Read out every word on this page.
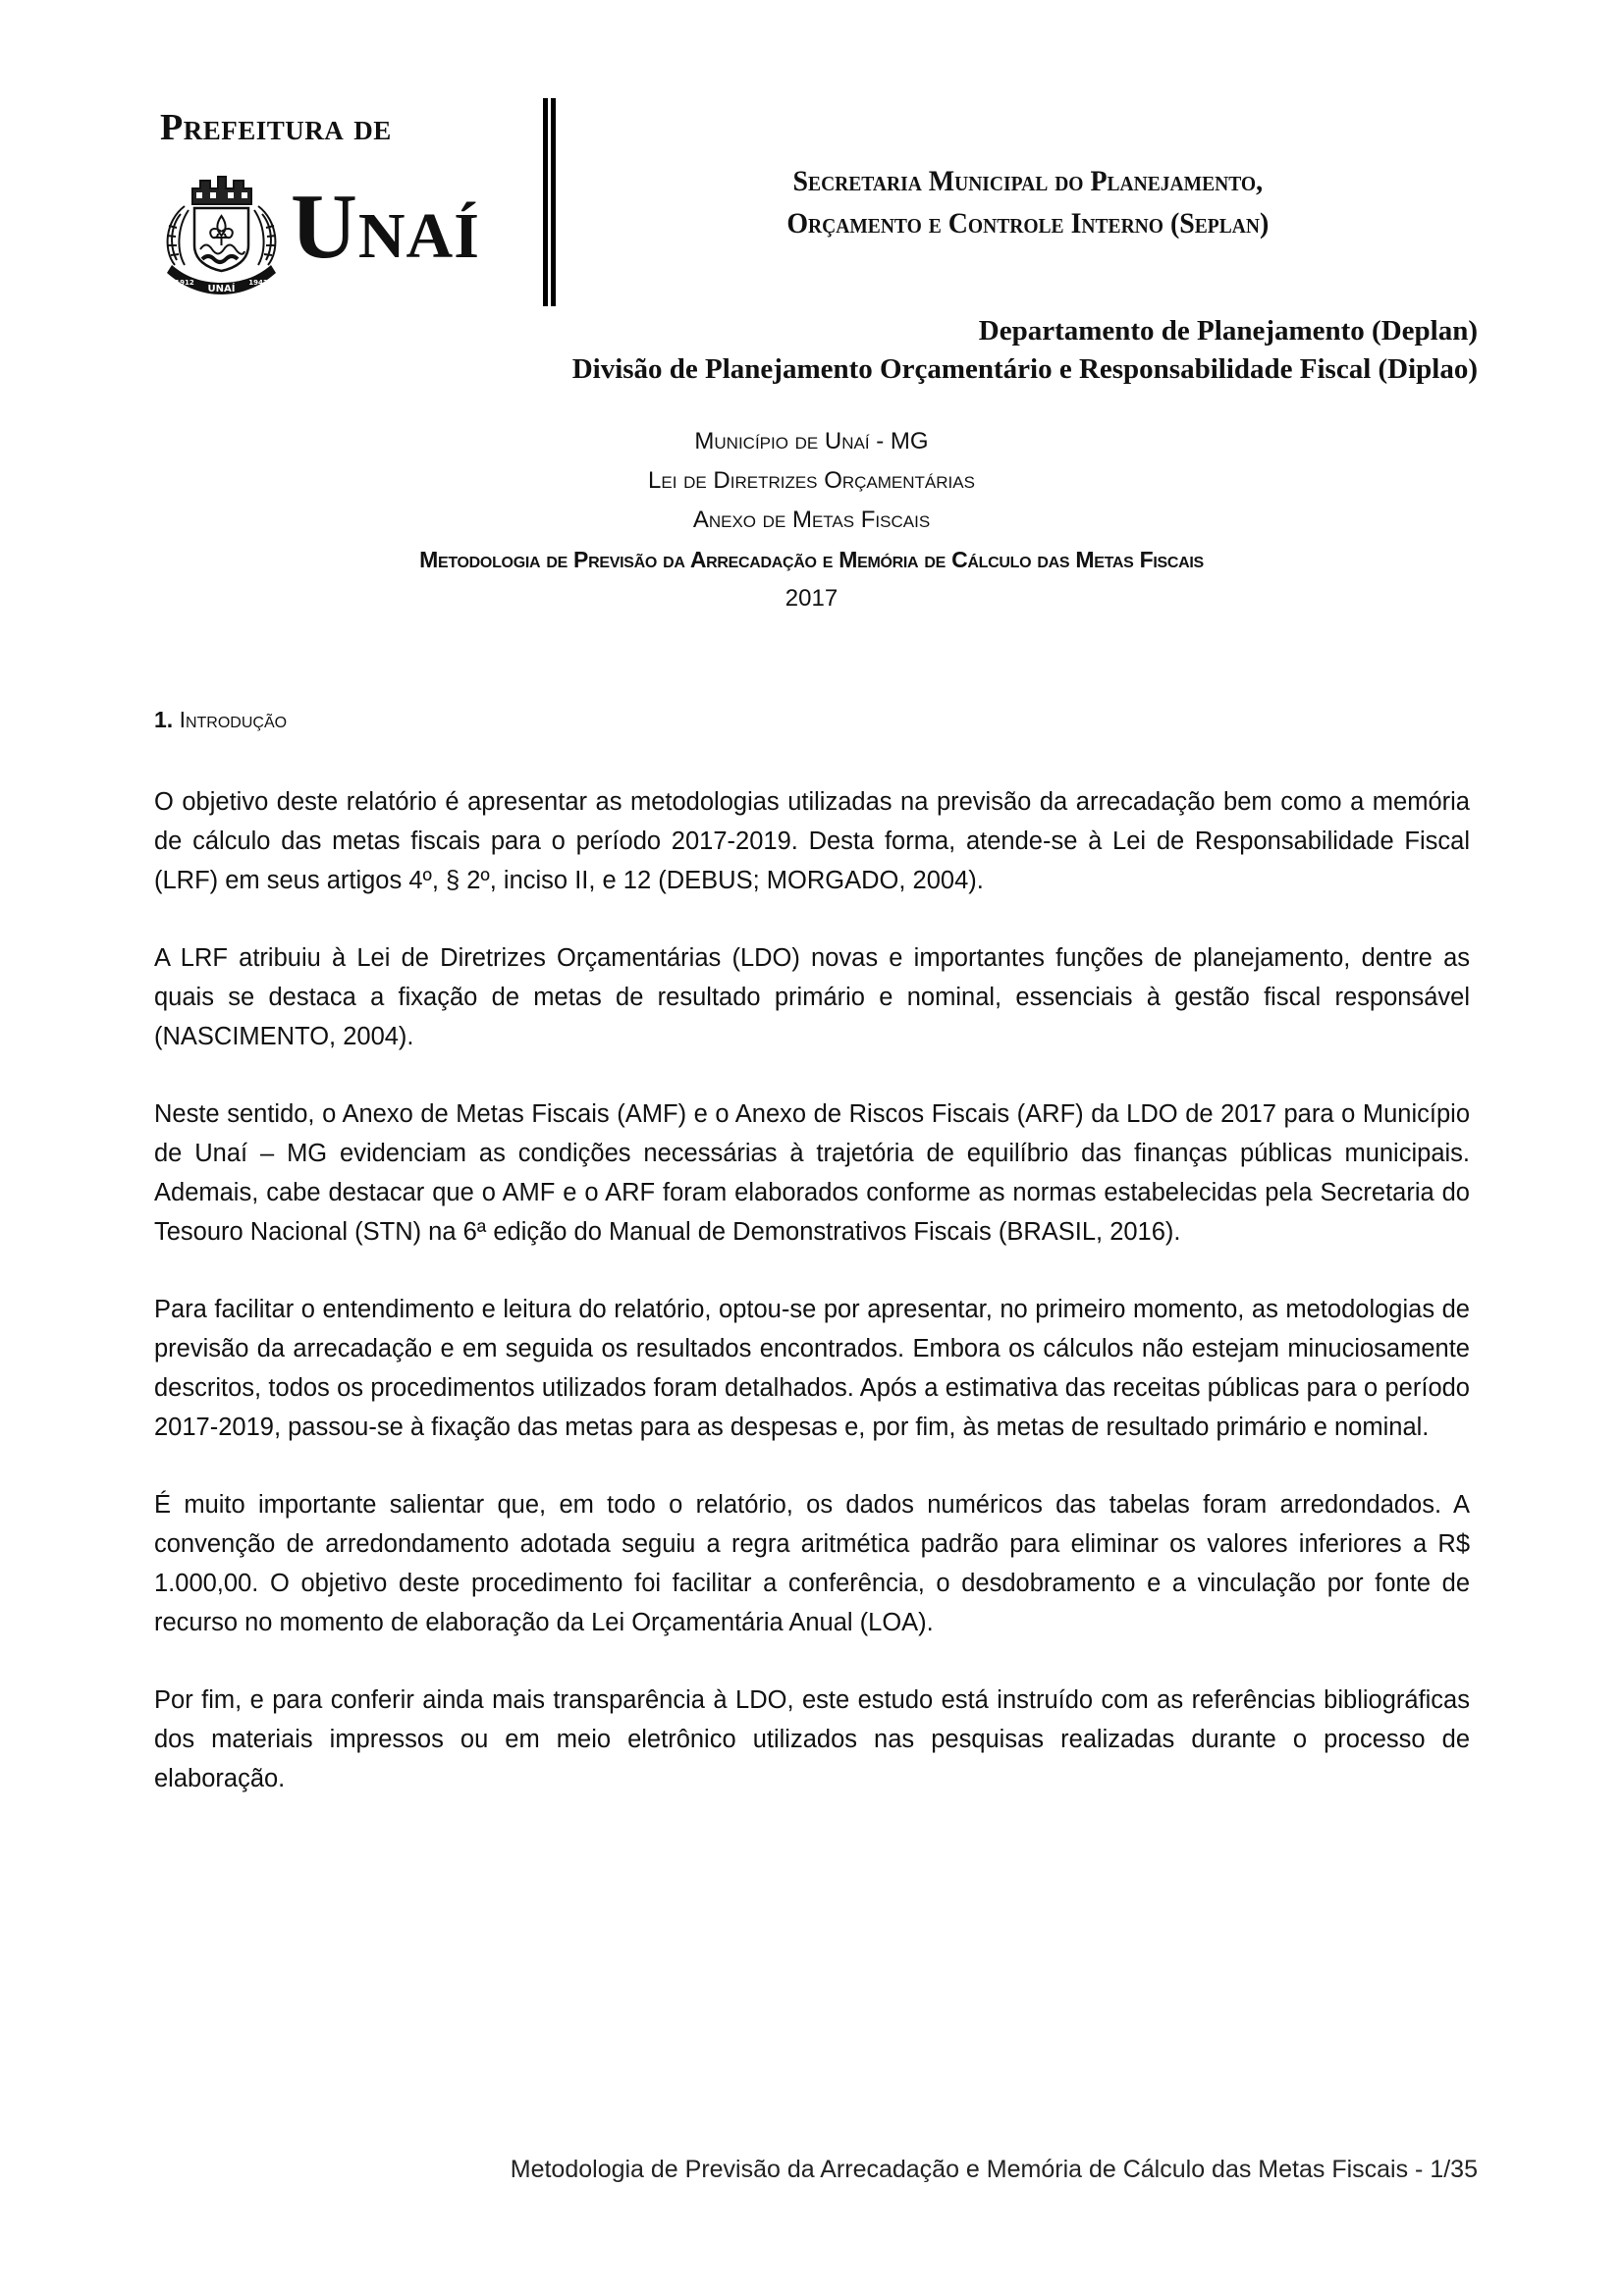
Prefeitura de
UNAÍ
1912	1943
Unaí	Secretaria Municipal do Planejamento,
Orçamento e Controle Interno (Seplan)
Departamento de Planejamento (Deplan)
Divisão de Planejamento Orçamentário e Responsabilidade Fiscal (Diplao)
Município de Unaí - MG
Lei de Diretrizes Orçamentárias
Anexo de Metas Fiscais
Metodologia de Previsão da Arrecadação e Memória de Cálculo das Metas Fiscais
2017
1. Introdução

O objetivo deste relatório é apresentar as metodologias utilizadas na previsão da arrecadação bem como a memória de cálculo das metas fiscais para o período 2017-2019. Desta forma, atende-se à Lei de Responsabilidade Fiscal (LRF) em seus artigos 4º, § 2º, inciso II, e 12 (DEBUS; MORGADO, 2004).

A LRF atribuiu à Lei de Diretrizes Orçamentárias (LDO) novas e importantes funções de planejamento, dentre as quais se destaca a fixação de metas de resultado primário e nominal, essenciais à gestão fiscal responsável (NASCIMENTO, 2004).

Neste sentido, o Anexo de Metas Fiscais (AMF) e o Anexo de Riscos Fiscais (ARF) da LDO de 2017 para o Município de Unaí – MG evidenciam as condições necessárias à trajetória de equilíbrio das finanças públicas municipais. Ademais, cabe destacar que o AMF e o ARF foram elaborados conforme as normas estabelecidas pela Secretaria do Tesouro Nacional (STN) na 6ª edição do Manual de Demonstrativos Fiscais (BRASIL, 2016).

Para facilitar o entendimento e leitura do relatório, optou-se por apresentar, no primeiro momento, as metodologias de previsão da arrecadação e em seguida os resultados encontrados. Embora os cálculos não estejam minuciosamente descritos, todos os procedimentos utilizados foram detalhados. Após a estimativa das receitas públicas para o período 2017-2019, passou-se à fixação das metas para as despesas e, por fim, às metas de resultado primário e nominal.

É muito importante salientar que, em todo o relatório, os dados numéricos das tabelas foram arredondados. A convenção de arredondamento adotada seguiu a regra aritmética padrão para eliminar os valores inferiores a R$ 1.000,00. O objetivo deste procedimento foi facilitar a conferência, o desdobramento e a vinculação por fonte de recurso no momento de elaboração da Lei Orçamentária Anual (LOA).

Por fim, e para conferir ainda mais transparência à LDO, este estudo está instruído com as referências bibliográficas dos materiais impressos ou em meio eletrônico utilizados nas pesquisas realizadas durante o processo de elaboração.

Metodologia de Previsão da Arrecadação e Memória de Cálculo das Metas Fiscais - 1/35
